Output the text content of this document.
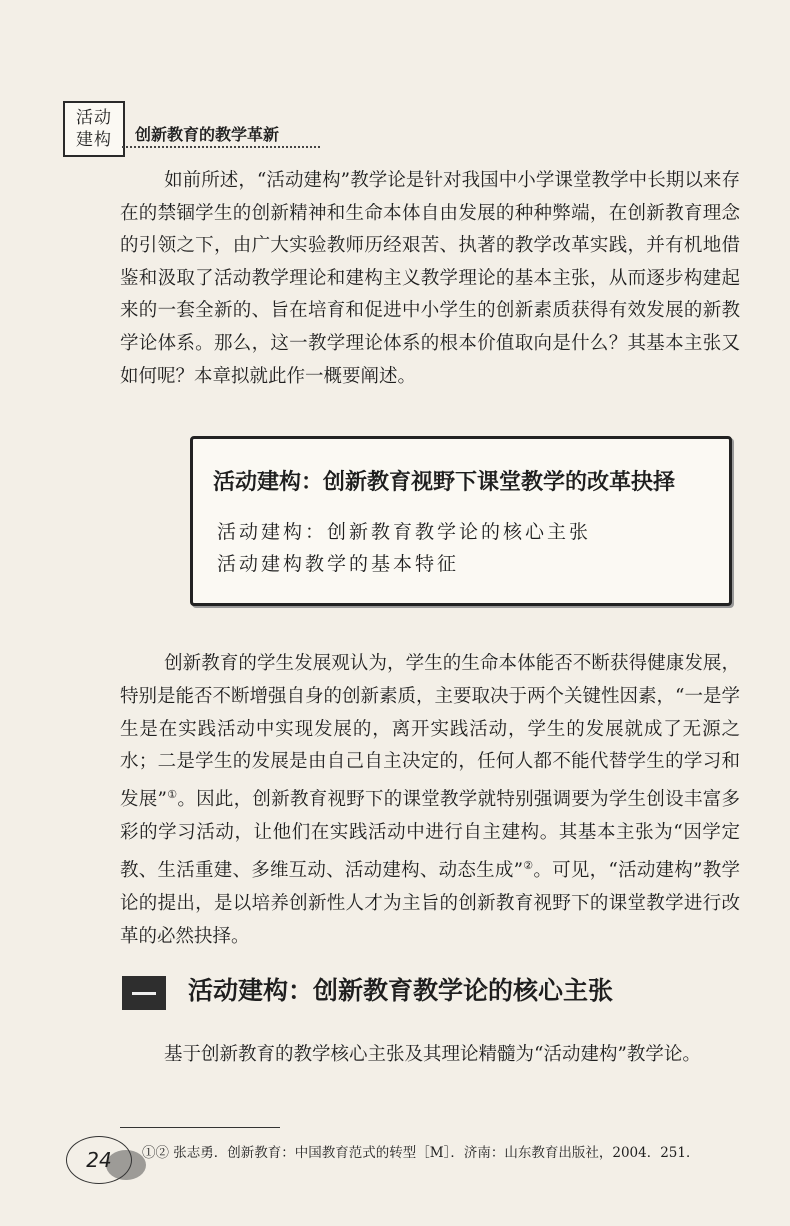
活动
建构 创新教育的教学革新

如前所述，“活动建构”教学论是针对我国中小学课堂教学中长期以来存在的禁锢学生的创新精神和生命本体自由发展的种种弊端，在创新教育理念的引领之下，由广大实验教师历经艰苦、执著的教学改革实践，并有机地借鉴和汲取了活动教学理论和建构主义教学理论的基本主张，从而逐步构建起来的一套全新的、旨在培育和促进中小学生的创新素质获得有效发展的新教学论体系。那么，这一教学理论体系的根本价值取向是什么？其基本主张又如何呢？本章拟就此作一概要阐述。

活动建构：创新教育视野下课堂教学的改革抉择
活动建构：创新教育教学论的核心主张
活动建构教学的基本特征

创新教育的学生发展观认为，学生的生命本体能否不断获得健康发展，特别是能否不断增强自身的创新素质，主要取决于两个关键性因素，“一是学生是在实践活动中实现发展的，离开实践活动，学生的发展就成了无源之水；二是学生的发展是由自己自主决定的，任何人都不能代替学生的学习和发展”①。因此，创新教育视野下的课堂教学就特别强调要为学生创设丰富多彩的学习活动，让他们在实践活动中进行自主建构。其基本主张为“因学定教、生活重建、多维互动、活动建构、动态生成”②。可见，“活动建构”教学论的提出，是以培养创新性人才为主旨的创新教育视野下的课堂教学进行改革的必然抉择。

活动建构：创新教育教学论的核心主张

基于创新教育的教学核心主张及其理论精髓为“活动建构”教学论。

①② 张志勇．创新教育：中国教育范式的转型［M］．济南：山东教育出版社，2004．251．
24
